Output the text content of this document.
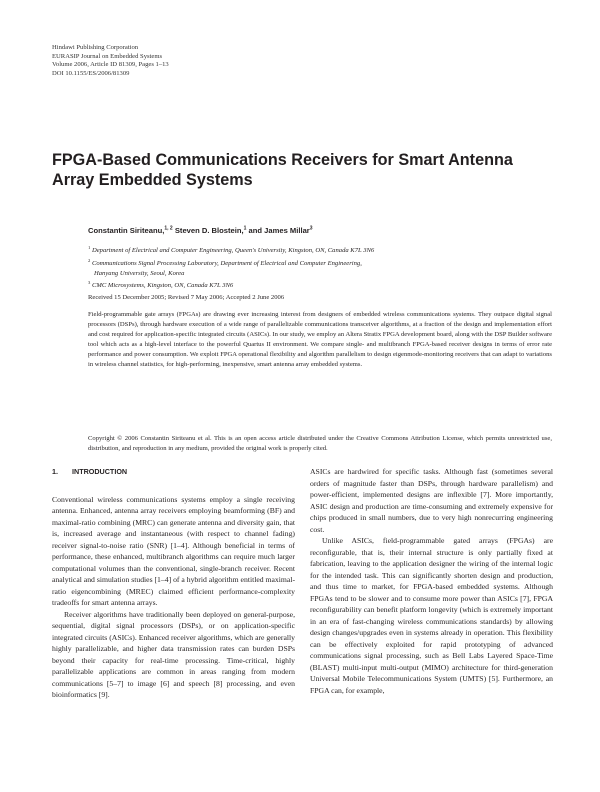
Hindawi Publishing Corporation
EURASIP Journal on Embedded Systems
Volume 2006, Article ID 81309, Pages 1–13
DOI 10.1155/ES/2006/81309
FPGA-Based Communications Receivers for Smart Antenna Array Embedded Systems
Constantin Siriteanu,$^{1, 2}$ Steven D. Blostein,$^1$ and James Millar$^3$
$^1$ Department of Electrical and Computer Engineering, Queen's University, Kingston, ON, Canada K7L 3N6
$^2$ Communications Signal Processing Laboratory, Department of Electrical and Computer Engineering,
Hanyang University, Seoul, Korea
$^3$ CMC Microsystems, Kingston, ON, Canada K7L 3N6
Received 15 December 2005; Revised 7 May 2006; Accepted 2 June 2006

Field-programmable gate arrays (FPGAs) are drawing ever increasing interest from designers of embedded wireless communications systems. They outpace digital signal processors (DSPs), through hardware execution of a wide range of parallelizable communications transceiver algorithms, at a fraction of the design and implementation effort and cost required for application-specific integrated circuits (ASICs). In our study, we employ an Altera Stratix FPGA development board, along with the DSP Builder software tool which acts as a high-level interface to the powerful Quartus II environment. We compare single- and multibranch FPGA-based receiver designs in terms of error rate performance and power consumption. We exploit FPGA operational flexibility and algorithm parallelism to design eigenmode-monitoring receivers that can adapt to variations in wireless channel statistics, for high-performing, inexpensive, smart antenna array embedded systems.

Copyright © 2006 Constantin Siriteanu et al. This is an open access article distributed under the Creative Commons Attribution License, which permits unrestricted use, distribution, and reproduction in any medium, provided the original work is properly cited.

1. INTRODUCTION

Conventional wireless communications systems employ a single receiving antenna. Enhanced, antenna array receivers employing beamforming (BF) and maximal-ratio combining (MRC) can generate antenna and diversity gain, that is, increased average and instantaneous (with respect to channel fading) receiver signal-to-noise ratio (SNR) [1–4]. Although beneficial in terms of performance, these enhanced, multibranch algorithms can require much larger computational volumes than the conventional, single-branch receiver. Recent analytical and simulation studies [1–4] of a hybrid algorithm entitled maximal-ratio eigencombining (MREC) claimed efficient performance-complexity tradeoffs for smart antenna arrays.

Receiver algorithms have traditionally been deployed on general-purpose, sequential, digital signal processors (DSPs), or on application-specific integrated circuits (ASICs). Enhanced receiver algorithms, which are generally highly parallelizable, and higher data transmission rates can burden DSPs beyond their capacity for real-time processing. Time-critical, highly parallelizable applications are common in areas ranging from modern communications [5–7] to image [6] and speech [8] processing, and even bioinformatics [9].

ASICs are hardwired for specific tasks. Although fast (sometimes several orders of magnitude faster than DSPs, through hardware parallelism) and power-efficient, implemented designs are inflexible [7]. More importantly, ASIC design and production are time-consuming and extremely expensive for chips produced in small numbers, due to very high nonrecurring engineering cost.

Unlike ASICs, field-programmable gated arrays (FPGAs) are reconfigurable, that is, their internal structure is only partially fixed at fabrication, leaving to the application designer the wiring of the internal logic for the intended task. This can significantly shorten design and production, and thus time to market, for FPGA-based embedded systems. Although FPGAs tend to be slower and to consume more power than ASICs [7], FPGA reconfigurability can benefit platform longevity (which is extremely important in an era of fast-changing wireless communications standards) by allowing design changes/upgrades even in systems already in operation. This flexibility can be effectively exploited for rapid prototyping of advanced communications signal processing, such as Bell Labs Layered Space-Time (BLAST) multi-input multi-output (MIMO) architecture for third-generation Universal Mobile Telecommunications System (UMTS) [5]. Furthermore, an FPGA can, for example,
